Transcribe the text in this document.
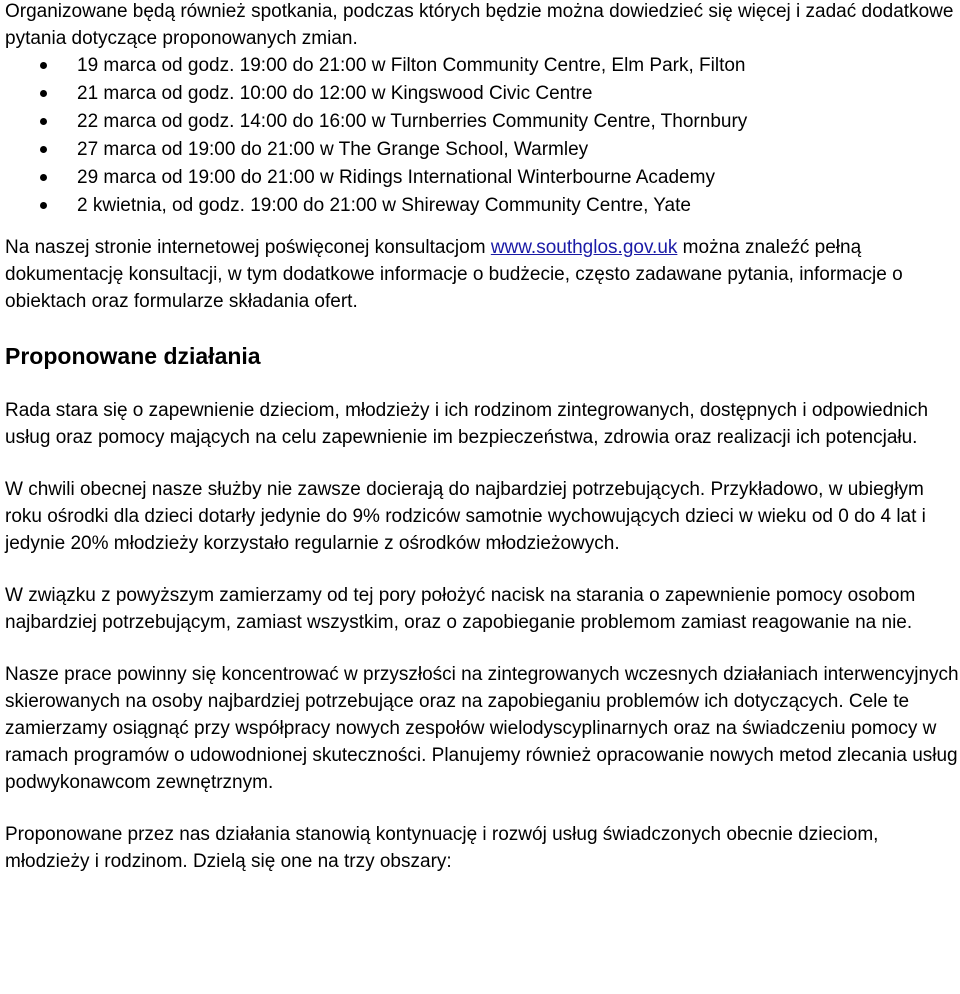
Organizowane będą również spotkania, podczas których będzie można dowiedzieć się więcej i zadać dodatkowe pytania dotyczące proponowanych zmian.

19 marca od godz. 19:00 do 21:00 w Filton Community Centre, Elm Park, Filton
21 marca od godz. 10:00 do 12:00 w Kingswood Civic Centre
22 marca od godz. 14:00 do 16:00 w Turnberries Community Centre, Thornbury
27 marca od 19:00 do 21:00 w The Grange School, Warmley
29 marca od 19:00 do 21:00 w Ridings International Winterbourne Academy
2 kwietnia, od godz. 19:00 do 21:00 w Shireway Community Centre, Yate

Na naszej stronie internetowej poświęconej konsultacjom www.southglos.gov.uk można znaleźć pełną dokumentację konsultacji, w tym dodatkowe informacje o budżecie, często zadawane pytania, informacje o obiektach oraz formularze składania ofert.

Proponowane działania

Rada stara się o zapewnienie dzieciom, młodzieży i ich rodzinom zintegrowanych, dostępnych i odpowiednich usług oraz pomocy mających na celu zapewnienie im bezpieczeństwa, zdrowia oraz realizacji ich potencjału.

W chwili obecnej nasze służby nie zawsze docierają do najbardziej potrzebujących. Przykładowo, w ubiegłym roku ośrodki dla dzieci dotarły jedynie do 9% rodziców samotnie wychowujących dzieci w wieku od 0 do 4 lat i jedynie 20% młodzieży korzystało regularnie z ośrodków młodzieżowych.

W związku z powyższym zamierzamy od tej pory położyć nacisk na starania o zapewnienie pomocy osobom najbardziej potrzebującym, zamiast wszystkim, oraz o zapobieganie problemom zamiast reagowanie na nie.

Nasze prace powinny się koncentrować w przyszłości na zintegrowanych wczesnych działaniach interwencyjnych skierowanych na osoby najbardziej potrzebujące oraz na zapobieganiu problemów ich dotyczących. Cele te zamierzamy osiągnąć przy współpracy nowych zespołów wielodyscyplinarnych oraz na świadczeniu pomocy w ramach programów o udowodnionej skuteczności. Planujemy również opracowanie nowych metod zlecania usług podwykonawcom zewnętrznym.

Proponowane przez nas działania stanowią kontynuację i rozwój usług świadczonych obecnie dzieciom, młodzieży i rodzinom. Dzielą się one na trzy obszary:
